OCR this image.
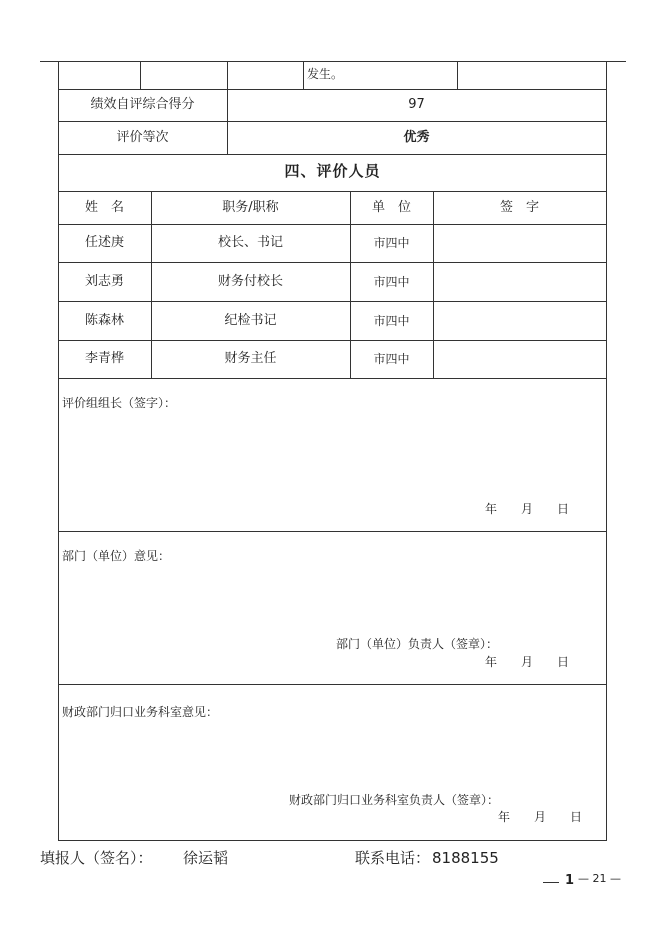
发生。
绩效自评综合得分	97
评价等次	优秀
四、评价人员
姓　名	职务/职称	单　位	签　字
任述庚	校长、书记	市四中
刘志勇	财务付校长	市四中
陈森林	纪检书记	市四中
李青桦	财务主任	市四中
评价组组长（签字）：
年　　月　　日
部门（单位）意见：
部门（单位）负责人（签章）：
年　　月　　日
财政部门归口业务科室意见：
财政部门归口业务科室负责人（签章）：
年　　月　　日
填报人（签名）： 徐运韬	联系电话： 8188155
1 — 21 —
